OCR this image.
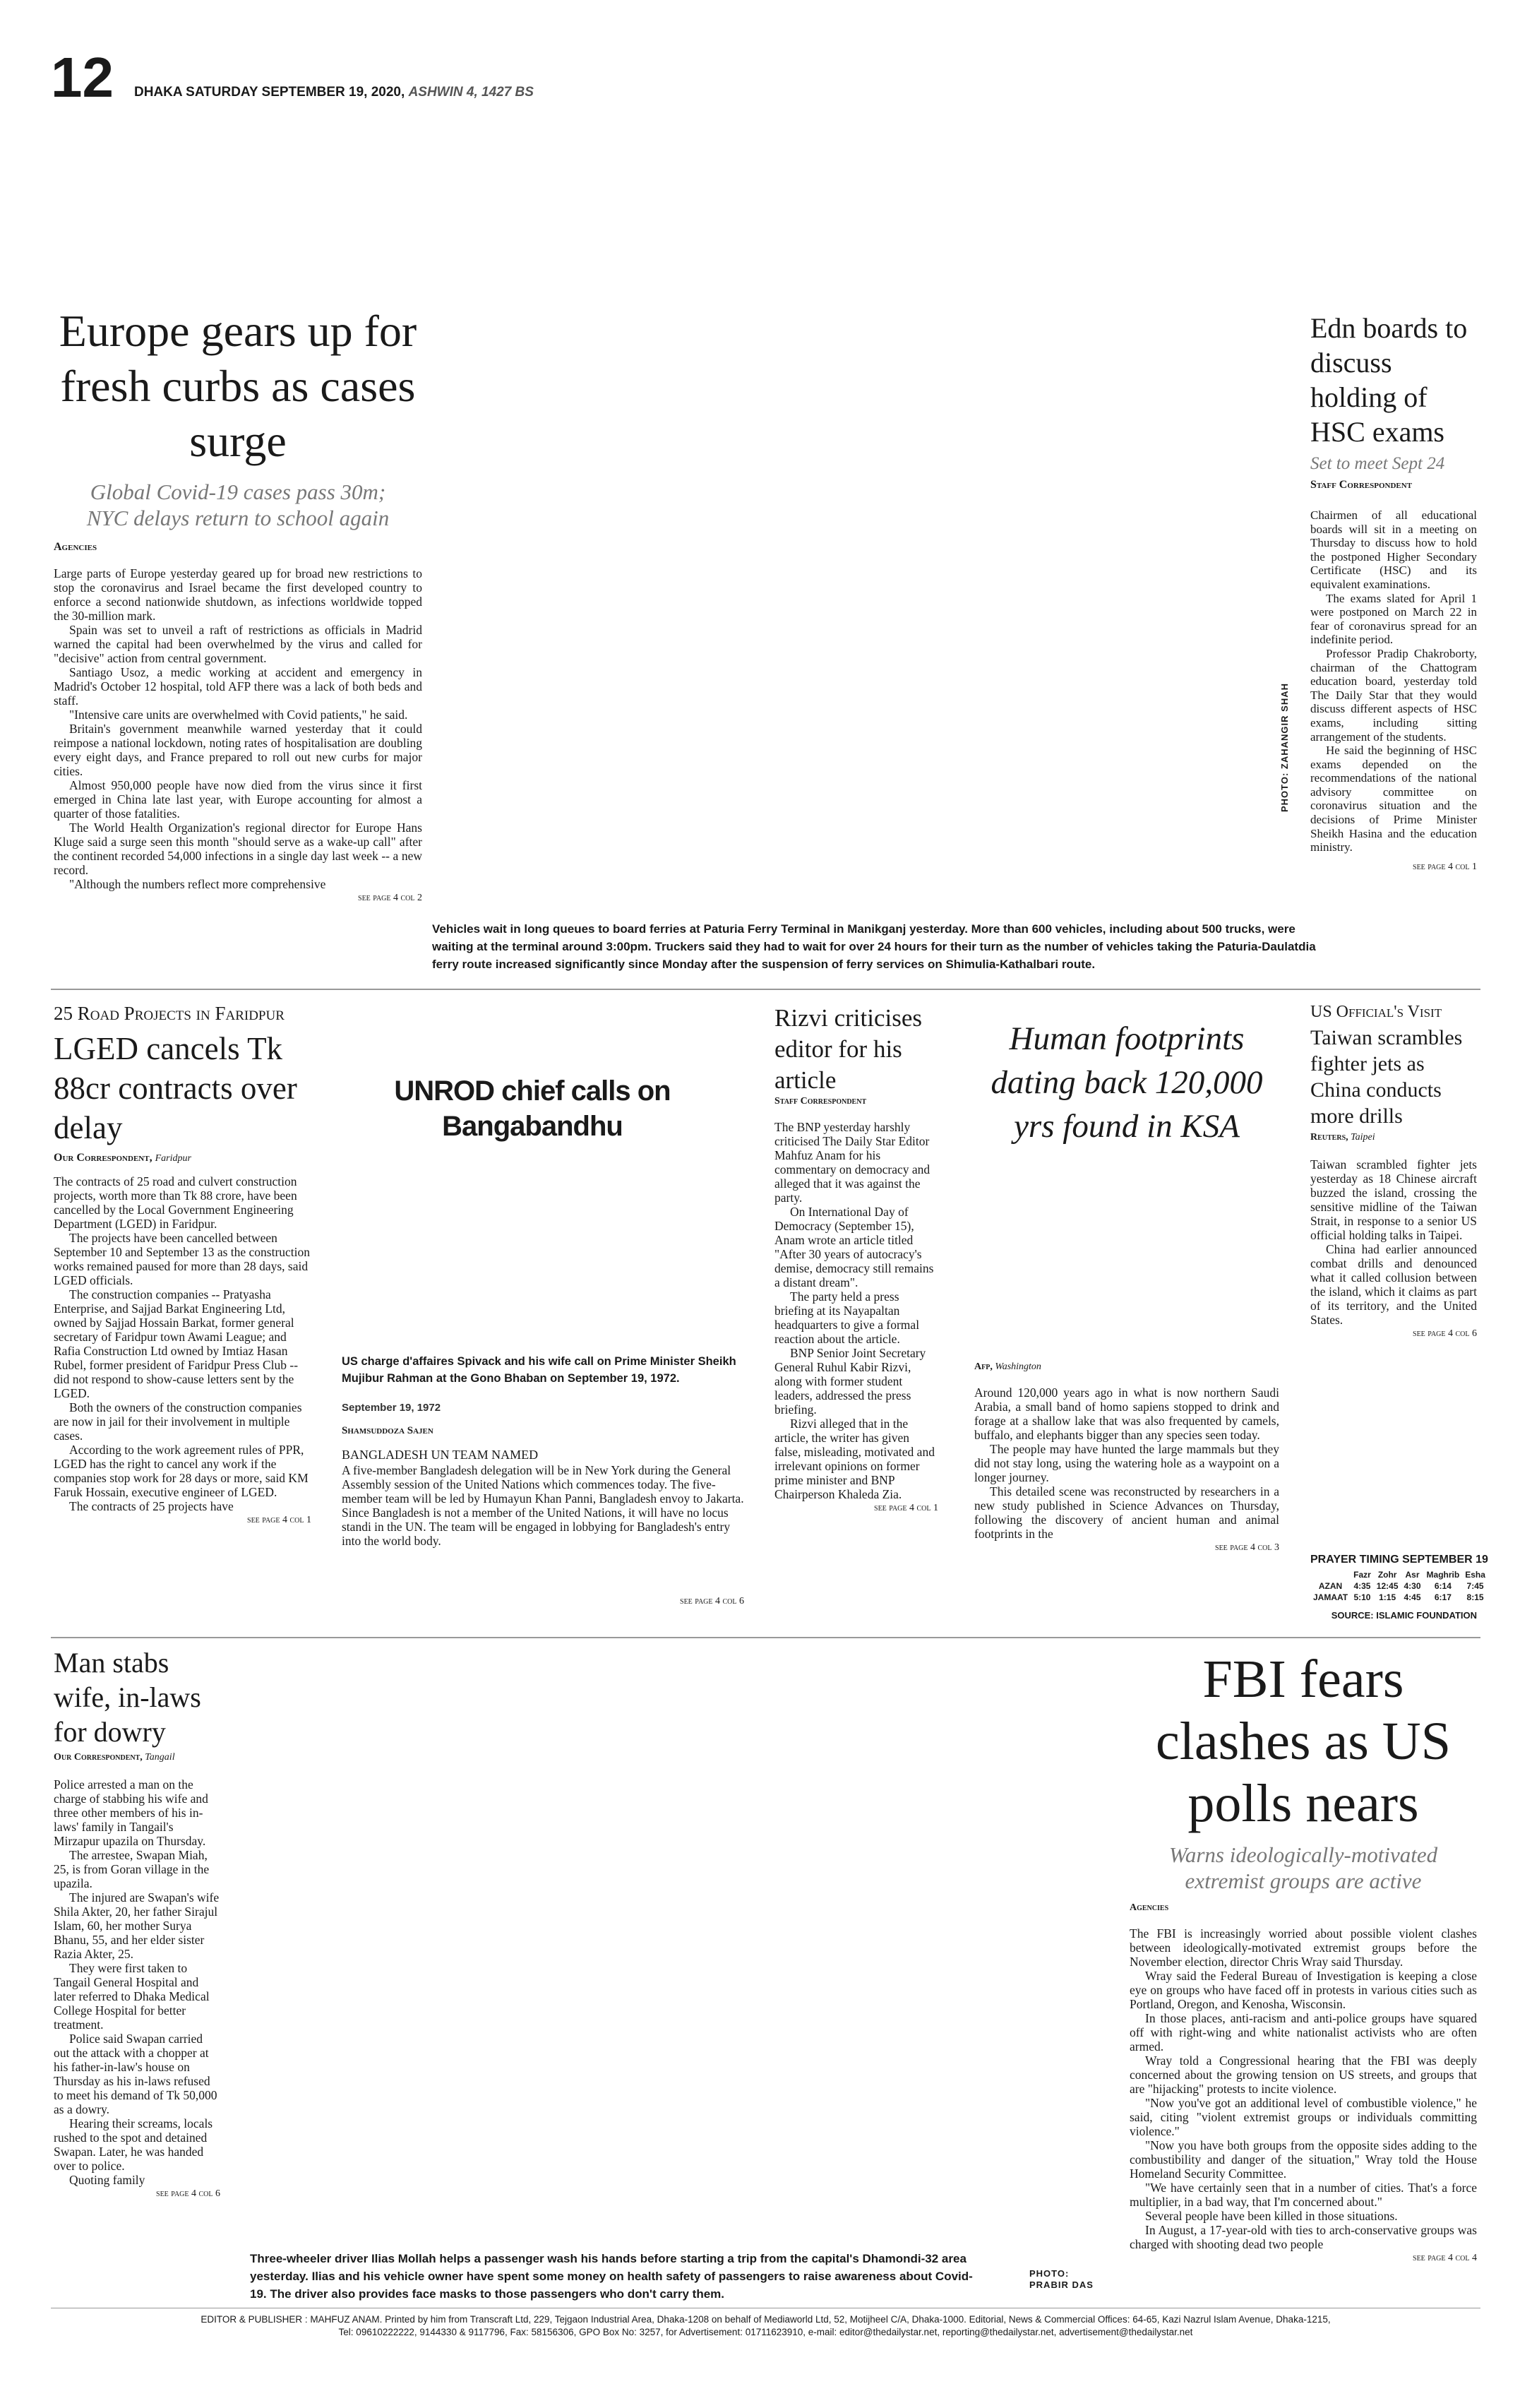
12 DHAKA SATURDAY SEPTEMBER 19, 2020, ASHWIN 4, 1427 BS
Europe gears up for fresh curbs as cases surge
Global Covid-19 cases pass 30m; NYC delays return to school again
Agencies

Large parts of Europe yesterday geared up for broad new restrictions to stop the coronavirus and Israel became the first developed country to enforce a second nationwide shutdown, as infections worldwide topped the 30-million mark.

Spain was set to unveil a raft of restrictions as officials in Madrid warned the capital had been overwhelmed by the virus and called for "decisive" action from central government.

Santiago Usoz, a medic working at accident and emergency in Madrid's October 12 hospital, told AFP there was a lack of both beds and staff.

"Intensive care units are overwhelmed with Covid patients," he said.

Britain's government meanwhile warned yesterday that it could reimpose a national lockdown, noting rates of hospitalisation are doubling every eight days, and France prepared to roll out new curbs for major cities.

Almost 950,000 people have now died from the virus since it first emerged in China late last year, with Europe accounting for almost a quarter of those fatalities.

The World Health Organization's regional director for Europe Hans Kluge said a surge seen this month "should serve as a wake-up call" after the continent recorded 54,000 infections in a single day last week -- a new record.

"Although the numbers reflect more comprehensive

see page 4 col 2
Vehicles wait in long queues to board ferries at Paturia Ferry Terminal in Manikganj yesterday. More than 600 vehicles, including about 500 trucks, were waiting at the terminal around 3:00pm. Truckers said they had to wait for over 24 hours for their turn as the number of vehicles taking the Paturia-Daulatdia ferry route increased significantly since Monday after the suspension of ferry services on Shimulia-Kathalbari route.
PHOTO: ZAHANGIR SHAH
Edn boards to discuss holding of HSC exams
Set to meet Sept 24
Staff Correspondent

Chairmen of all educational boards will sit in a meeting on Thursday to discuss how to hold the postponed Higher Secondary Certificate (HSC) and its equivalent examinations.

The exams slated for April 1 were postponed on March 22 in fear of coronavirus spread for an indefinite period.

Professor Pradip Chakroborty, chairman of the Chattogram education board, yesterday told The Daily Star that they would discuss different aspects of HSC exams, including sitting arrangement of the students.

He said the beginning of HSC exams depended on the recommendations of the national advisory committee on coronavirus situation and the decisions of Prime Minister Sheikh Hasina and the education ministry.

see page 4 col 1
25 Road Projects in Faridpur
LGED cancels Tk 88cr contracts over delay
Our Correspondent, Faridpur

The contracts of 25 road and culvert construction projects, worth more than Tk 88 crore, have been cancelled by the Local Government Engineering Department (LGED) in Faridpur.

The projects have been cancelled between September 10 and September 13 as the construction works remained paused for more than 28 days, said LGED officials.

The construction companies -- Pratyasha Enterprise, and Sajjad Barkat Engineering Ltd, owned by Sajjad Hossain Barkat, former general secretary of Faridpur town Awami League; and Rafia Construction Ltd owned by Imtiaz Hasan Rubel, former president of Faridpur Press Club -- did not respond to show-cause letters sent by the LGED.

Both the owners of the construction companies are now in jail for their involvement in multiple cases.

According to the work agreement rules of PPR, LGED has the right to cancel any work if the companies stop work for 28 days or more, said KM Faruk Hossain, executive engineer of LGED.

The contracts of 25 projects have

see page 4 col 1
UNROD chief calls on Bangabandhu
US charge d'affaires Spivack and his wife call on Prime Minister Sheikh Mujibur Rahman at the Gono Bhaban on September 19, 1972.
September 19, 1972
Shamsuddoza Sajen
BANGLADESH UN TEAM NAMED

A five-member Bangladesh delegation will be in New York during the General Assembly session of the United Nations which commences today. The five-member team will be led by Humayun Khan Panni, Bangladesh envoy to Jakarta. Since Bangladesh is not a member of the United Nations, it will have no locus standi in the UN. The team will be engaged in lobbying for Bangladesh's entry into the world body.

see page 4 col 6
Rizvi criticises editor for his article
Staff Correspondent

The BNP yesterday harshly criticised The Daily Star Editor Mahfuz Anam for his commentary on democracy and alleged that it was against the party.

On International Day of Democracy (September 15), Anam wrote an article titled "After 30 years of autocracy's demise, democracy still remains a distant dream".

The party held a press briefing at its Nayapaltan headquarters to give a formal reaction about the article.

BNP Senior Joint Secretary General Ruhul Kabir Rizvi, along with former student leaders, addressed the press briefing.

Rizvi alleged that in the article, the writer has given false, misleading, motivated and irrelevant opinions on former prime minister and BNP Chairperson Khaleda Zia.

see page 4 col 1
Human footprints dating back 120,000 yrs found in KSA
Afp, Washington

Around 120,000 years ago in what is now northern Saudi Arabia, a small band of homo sapiens stopped to drink and forage at a shallow lake that was also frequented by camels, buffalo, and elephants bigger than any species seen today.

The people may have hunted the large mammals but they did not stay long, using the watering hole as a waypoint on a longer journey.

This detailed scene was reconstructed by researchers in a new study published in Science Advances on Thursday, following the discovery of ancient human and animal footprints in the

see page 4 col 3
US Official's Visit
Taiwan scrambles fighter jets as China conducts more drills
Reuters, Taipei

Taiwan scrambled fighter jets yesterday as 18 Chinese aircraft buzzed the island, crossing the sensitive midline of the Taiwan Strait, in response to a senior US official holding talks in Taipei.

China had earlier announced combat drills and denounced what it called collusion between the island, which it claims as part of its territory, and the United States.

see page 4 col 6
PRAYER TIMING SEPTEMBER 19
	Fazr	Zohr	Asr	Maghrib	Esha
AZAN	4:35	12:45	4:30	6:14	7:45
JAMAAT	5:10	1:15	4:45	6:17	8:15
SOURCE: ISLAMIC FOUNDATION
Man stabs wife, in-laws for dowry
Our Correspondent, Tangail

Police arrested a man on the charge of stabbing his wife and three other members of his in-laws' family in Tangail's Mirzapur upazila on Thursday.

The arrestee, Swapan Miah, 25, is from Goran village in the upazila.

The injured are Swapan's wife Shila Akter, 20, her father Sirajul Islam, 60, her mother Surya Bhanu, 55, and her elder sister Razia Akter, 25.

They were first taken to Tangail General Hospital and later referred to Dhaka Medical College Hospital for better treatment.

Police said Swapan carried out the attack with a chopper at his father-in-law's house on Thursday as his in-laws refused to meet his demand of Tk 50,000 as a dowry.

Hearing their screams, locals rushed to the spot and detained Swapan. Later, he was handed over to police.

Quoting family

see page 4 col 6
Three-wheeler driver Ilias Mollah helps a passenger wash his hands before starting a trip from the capital's Dhamondi-32 area yesterday. Ilias and his vehicle owner have spent some money on health safety of passengers to raise awareness about Covid-19. The driver also provides face masks to those passengers who don't carry them.
PHOTO:
PRABIR DAS
FBI fears clashes as US polls nears
Warns ideologically-motivated extremist groups are active
Agencies

The FBI is increasingly worried about possible violent clashes between ideologically-motivated extremist groups before the November election, director Chris Wray said Thursday.

Wray said the Federal Bureau of Investigation is keeping a close eye on groups who have faced off in protests in various cities such as Portland, Oregon, and Kenosha, Wisconsin.

In those places, anti-racism and anti-police groups have squared off with right-wing and white nationalist activists who are often armed.

Wray told a Congressional hearing that the FBI was deeply concerned about the growing tension on US streets, and groups that are "hijacking" protests to incite violence.

"Now you've got an additional level of combustible violence," he said, citing "violent extremist groups or individuals committing violence."

"Now you have both groups from the opposite sides adding to the combustibility and danger of the situation," Wray told the House Homeland Security Committee.

"We have certainly seen that in a number of cities. That's a force multiplier, in a bad way, that I'm concerned about."

Several people have been killed in those situations.

In August, a 17-year-old with ties to arch-conservative groups was charged with shooting dead two people

see page 4 col 4
EDITOR & PUBLISHER : MAHFUZ ANAM. Printed by him from Transcraft Ltd, 229, Tejgaon Industrial Area, Dhaka-1208 on behalf of Mediaworld Ltd, 52, Motijheel C/A, Dhaka-1000. Editorial, News & Commercial Offices: 64-65, Kazi Nazrul Islam Avenue, Dhaka-1215,
Tel: 09610222222, 9144330 & 9117796, Fax: 58156306, GPO Box No: 3257, for Advertisement: 01711623910, e-mail: editor@thedailystar.net, reporting@thedailystar.net, advertisement@thedailystar.net
